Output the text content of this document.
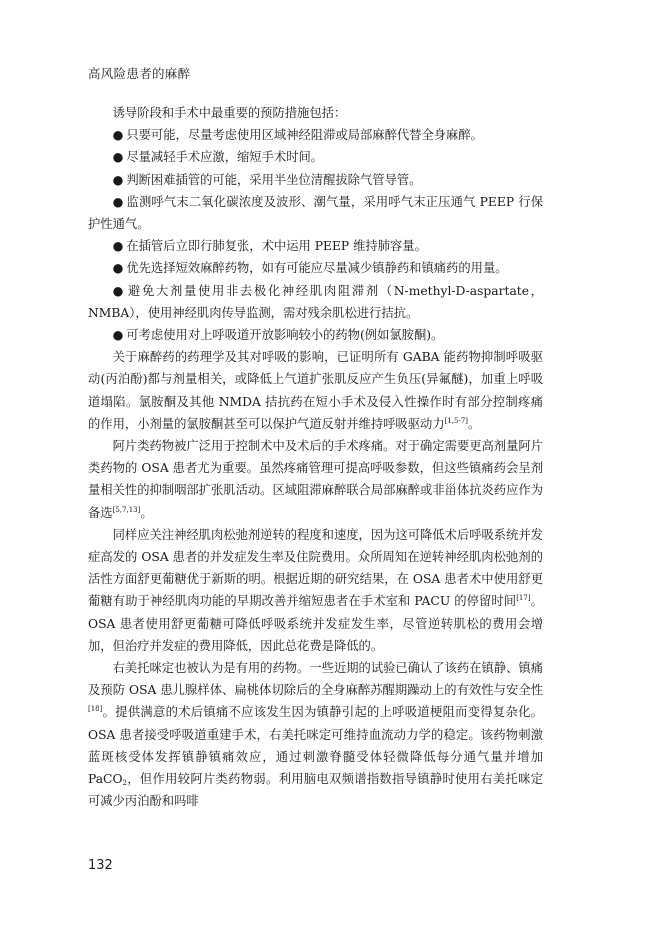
高风险患者的麻醉

诱导阶段和手术中最重要的预防措施包括：

● 只要可能，尽量考虑使用区域神经阻滞或局部麻醉代替全身麻醉。

● 尽量减轻手术应激，缩短手术时间。

● 判断困难插管的可能，采用半坐位清醒拔除气管导管。

● 监测呼气末二氧化碳浓度及波形、潮气量，采用呼气末正压通气 PEEP 行保护性通气。

● 在插管后立即行肺复张，术中运用 PEEP 维持肺容量。

● 优先选择短效麻醉药物，如有可能应尽量减少镇静药和镇痛药的用量。

● 避免大剂量使用非去极化神经肌肉阻滞剂（N-methyl-D-aspartate，NMBA），使用神经肌肉传导监测，需对残余肌松进行拮抗。

● 可考虑使用对上呼吸道开放影响较小的药物(例如氯胺酮)。

关于麻醉药的药理学及其对呼吸的影响，已证明所有 GABA 能药物抑制呼吸驱动(丙泊酚)都与剂量相关，或降低上气道扩张肌反应产生负压(异氟醚)，加重上呼吸道塌陷。氯胺酮及其他 NMDA 拮抗药在短小手术及侵入性操作时有部分控制疼痛的作用，小剂量的氯胺酮甚至可以保护气道反射并维持呼吸驱动力[1,5-7]。

阿片类药物被广泛用于控制术中及术后的手术疼痛。对于确定需要更高剂量阿片类药物的 OSA 患者尤为重要。虽然疼痛管理可提高呼吸参数，但这些镇痛药会呈剂量相关性的抑制咽部扩张肌活动。区域阻滞麻醉联合局部麻醉或非甾体抗炎药应作为备选[5,7,13]。

同样应关注神经肌肉松弛剂逆转的程度和速度，因为这可降低术后呼吸系统并发症高发的 OSA 患者的并发症发生率及住院费用。众所周知在逆转神经肌肉松弛剂的活性方面舒更葡糖优于新斯的明。根据近期的研究结果，在 OSA 患者术中使用舒更葡糖有助于神经肌肉功能的早期改善并缩短患者在手术室和 PACU 的停留时间[17]。OSA 患者使用舒更葡糖可降低呼吸系统并发症发生率，尽管逆转肌松的费用会增加，但治疗并发症的费用降低，因此总花费是降低的。

右美托咪定也被认为是有用的药物。一些近期的试验已确认了该药在镇静、镇痛及预防 OSA 患儿腺样体、扁桃体切除后的全身麻醉苏醒期躁动上的有效性与安全性[18]。提供满意的术后镇痛不应该发生因为镇静引起的上呼吸道梗阻而变得复杂化。OSA 患者接受呼吸道重建手术，右美托咪定可维持血流动力学的稳定。该药物刺激蓝斑核受体发挥镇静镇痛效应，通过刺激脊髓受体轻微降低每分通气量并增加 PaCO$_2$，但作用较阿片类药物弱。利用脑电双频谱指数指导镇静时使用右美托咪定可减少丙泊酚和吗啡

132
